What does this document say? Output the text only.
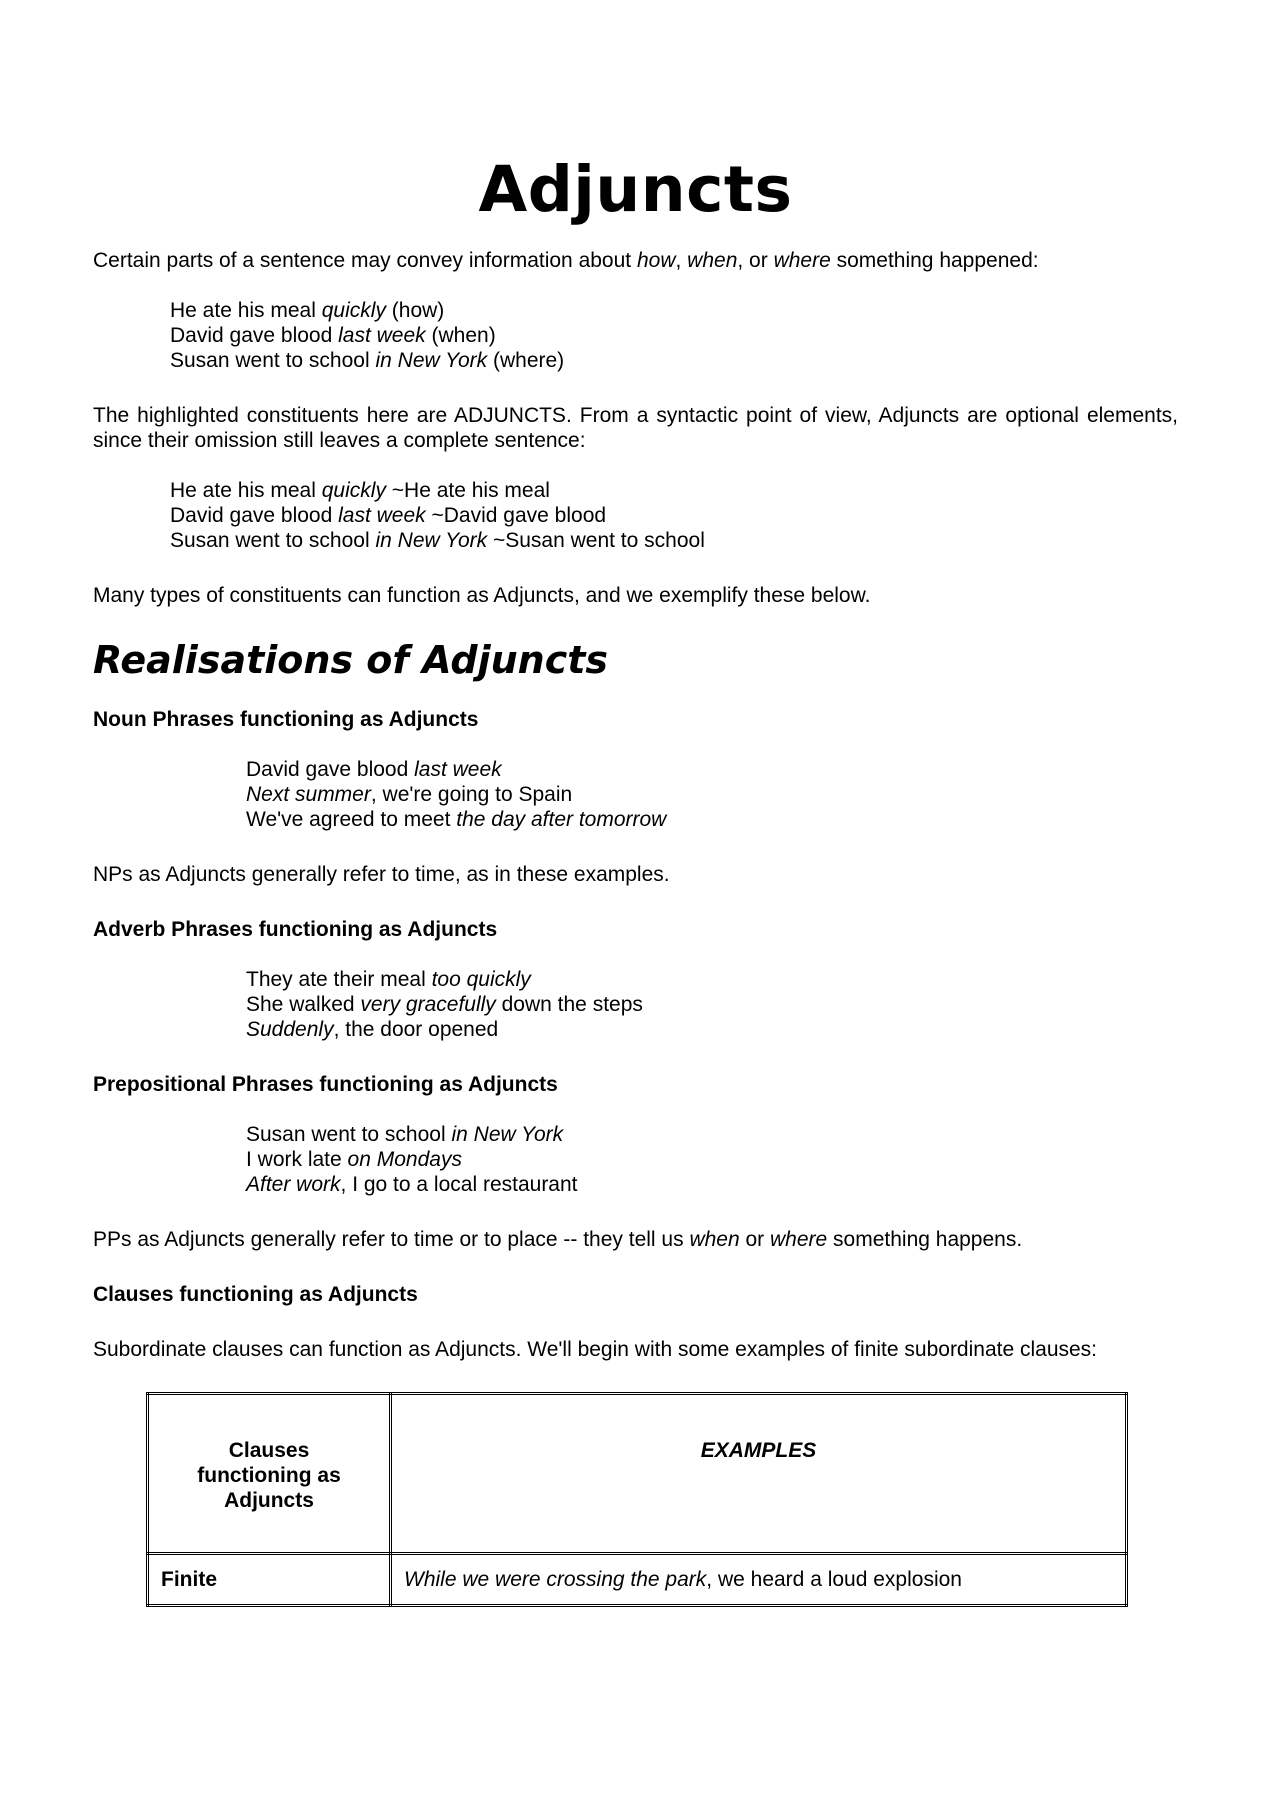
Adjuncts

Certain parts of a sentence may convey information about how, when, or where something happened:

He ate his meal quickly (how)
David gave blood last week (when)
Susan went to school in New York (where)

The highlighted constituents here are ADJUNCTS. From a syntactic point of view, Adjuncts are optional elements, since their omission still leaves a complete sentence:

He ate his meal quickly ~He ate his meal
David gave blood last week ~David gave blood
Susan went to school in New York ~Susan went to school

Many types of constituents can function as Adjuncts, and we exemplify these below.

Realisations of Adjuncts

Noun Phrases functioning as Adjuncts

David gave blood last week
Next summer, we're going to Spain
We've agreed to meet the day after tomorrow

NPs as Adjuncts generally refer to time, as in these examples.

Adverb Phrases functioning as Adjuncts

They ate their meal too quickly
She walked very gracefully down the steps
Suddenly, the door opened

Prepositional Phrases functioning as Adjuncts

Susan went to school in New York
I work late on Mondays
After work, I go to a local restaurant

PPs as Adjuncts generally refer to time or to place -- they tell us when or where something happens.

Clauses functioning as Adjuncts

Subordinate clauses can function as Adjuncts. We'll begin with some examples of finite subordinate clauses:

Clauses functioning as Adjuncts	EXAMPLES
Finite	While we were crossing the park, we heard a loud explosion
